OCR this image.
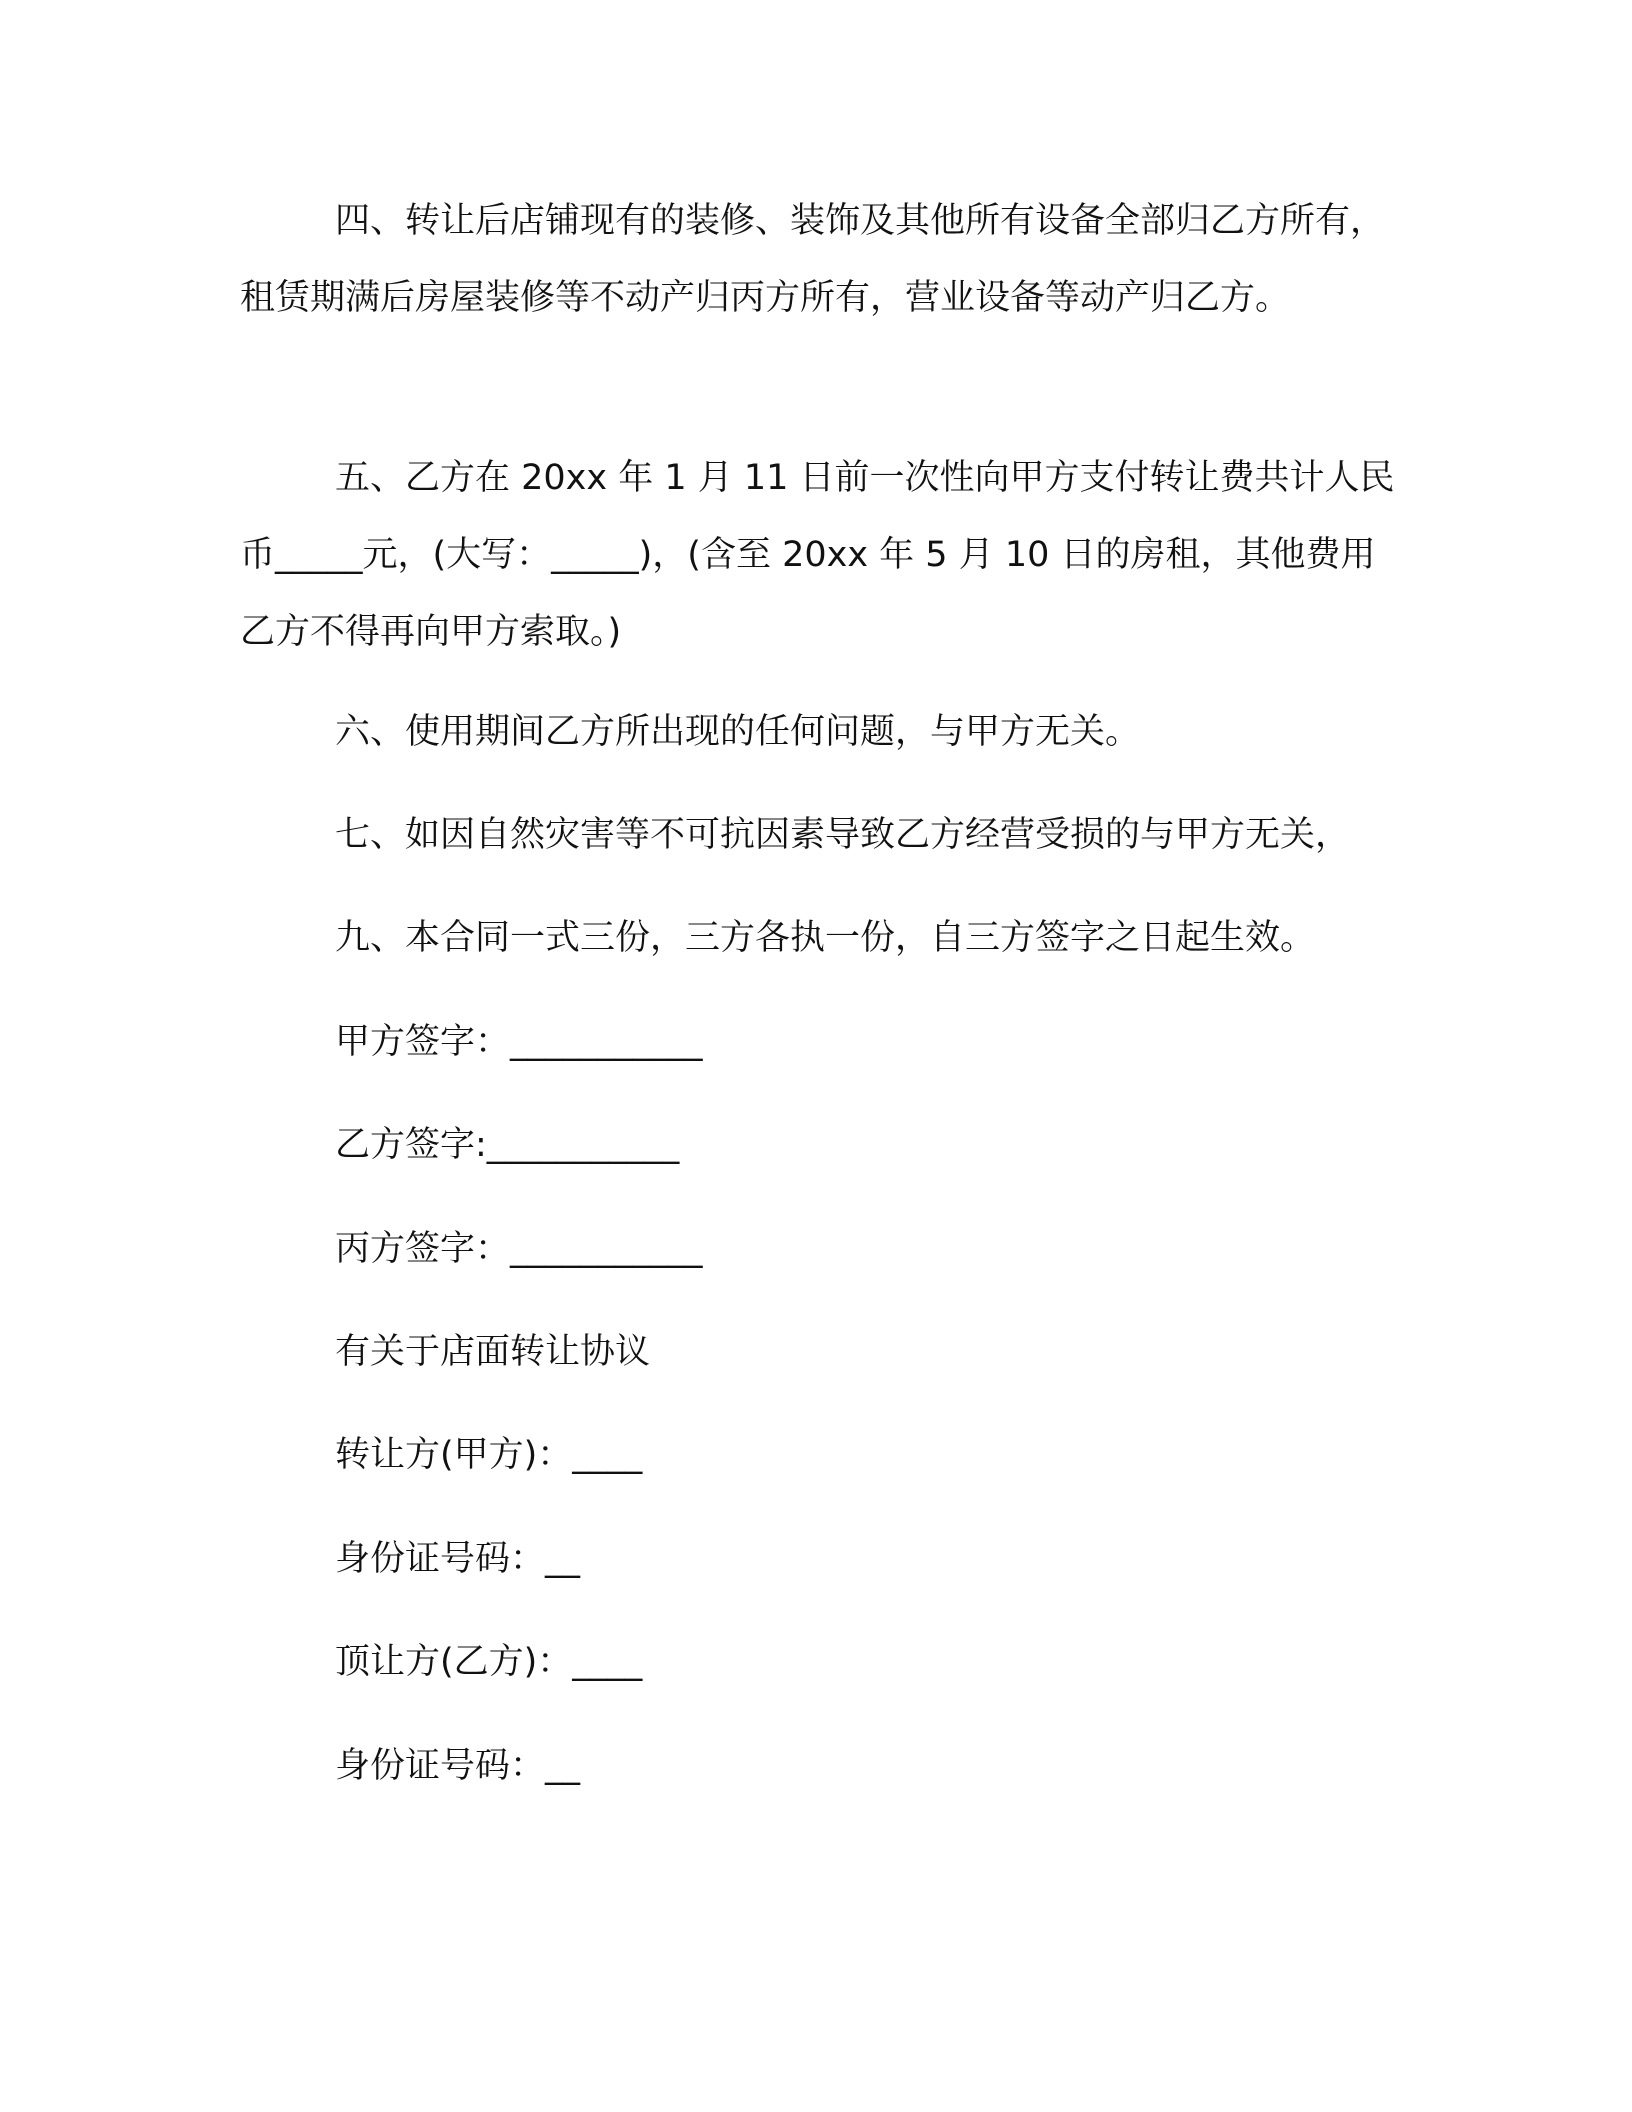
四、转让后店铺现有的装修、装饰及其他所有设备全部归乙方所有，租赁期满后房屋装修等不动产归丙方所有，营业设备等动产归乙方。

五、乙方在 20xx 年 1 月 11 日前一次性向甲方支付转让费共计人民币_____元，(大写：_____)，(含至 20xx 年 5 月 10 日的房租，其他费用乙方不得再向甲方索取。)

六、使用期间乙方所出现的任何问题，与甲方无关。
七、如因自然灾害等不可抗因素导致乙方经营受损的与甲方无关，
九、本合同一式三份，三方各执一份，自三方签字之日起生效。
甲方签字：___________
乙方签字:___________
丙方签字：___________
有关于店面转让协议
转让方(甲方)：____
身份证号码：__
顶让方(乙方)：____
身份证号码：__
